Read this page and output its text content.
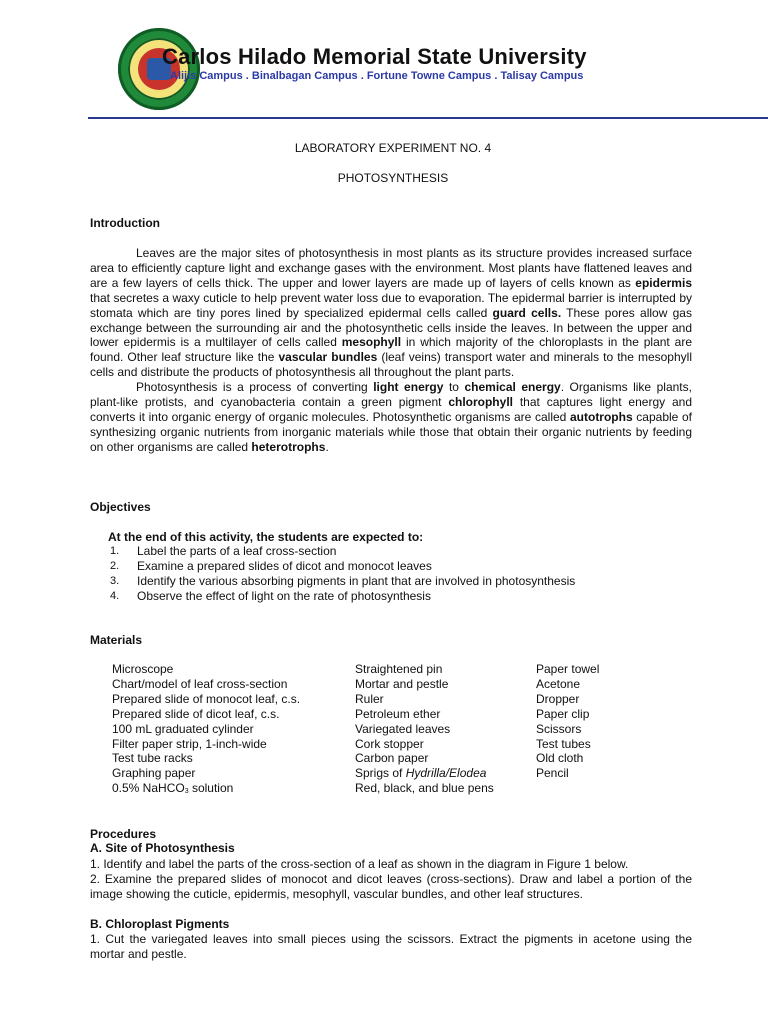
Carlos Hilado Memorial State University
Alijis Campus . Binalbagan Campus . Fortune Towne Campus . Talisay Campus
LABORATORY EXPERIMENT NO. 4
PHOTOSYNTHESIS
Introduction

Leaves are the major sites of photosynthesis in most plants as its structure provides increased surface area to efficiently capture light and exchange gases with the environment. Most plants have flattened leaves and are a few layers of cells thick. The upper and lower layers are made up of layers of cells known as epidermis that secretes a waxy cuticle to help prevent water loss due to evaporation. The epidermal barrier is interrupted by stomata which are tiny pores lined by specialized epidermal cells called guard cells. These pores allow gas exchange between the surrounding air and the photosynthetic cells inside the leaves. In between the upper and lower epidermis is a multilayer of cells called mesophyll in which majority of the chloroplasts in the plant are found. Other leaf structure like the vascular bundles (leaf veins) transport water and minerals to the mesophyll cells and distribute the products of photosynthesis all throughout the plant parts.

Photosynthesis is a process of converting light energy to chemical energy. Organisms like plants, plant-like protists, and cyanobacteria contain a green pigment chlorophyll that captures light energy and converts it into organic energy of organic molecules. Photosynthetic organisms are called autotrophs capable of synthesizing organic nutrients from inorganic materials while those that obtain their organic nutrients by feeding on other organisms are called heterotrophs.

Objectives
At the end of this activity, the students are expected to:
1. Label the parts of a leaf cross-section
2. Examine a prepared slides of dicot and monocot leaves
3. Identify the various absorbing pigments in plant that are involved in photosynthesis
4. Observe the effect of light on the rate of photosynthesis
Materials
Microscope
Chart/model of leaf cross-section
Prepared slide of monocot leaf, c.s.
Prepared slide of dicot leaf, c.s.
100 mL graduated cylinder
Filter paper strip, 1-inch-wide
Test tube racks
Graphing paper
0.5% NaHCO3 solution
Straightened pin
Mortar and pestle
Ruler
Petroleum ether
Variegated leaves
Cork stopper
Carbon paper
Sprigs of Hydrilla/Elodea
Red, black, and blue pens
Paper towel
Acetone
Dropper
Paper clip
Scissors
Test tubes
Old cloth
Pencil
Procedures
A. Site of Photosynthesis

1. Identify and label the parts of the cross-section of a leaf as shown in the diagram in Figure 1 below.

2. Examine the prepared slides of monocot and dicot leaves (cross-sections). Draw and label a portion of the image showing the cuticle, epidermis, mesophyll, vascular bundles, and other leaf structures.

B. Chloroplast Pigments

1. Cut the variegated leaves into small pieces using the scissors. Extract the pigments in acetone using the mortar and pestle.
